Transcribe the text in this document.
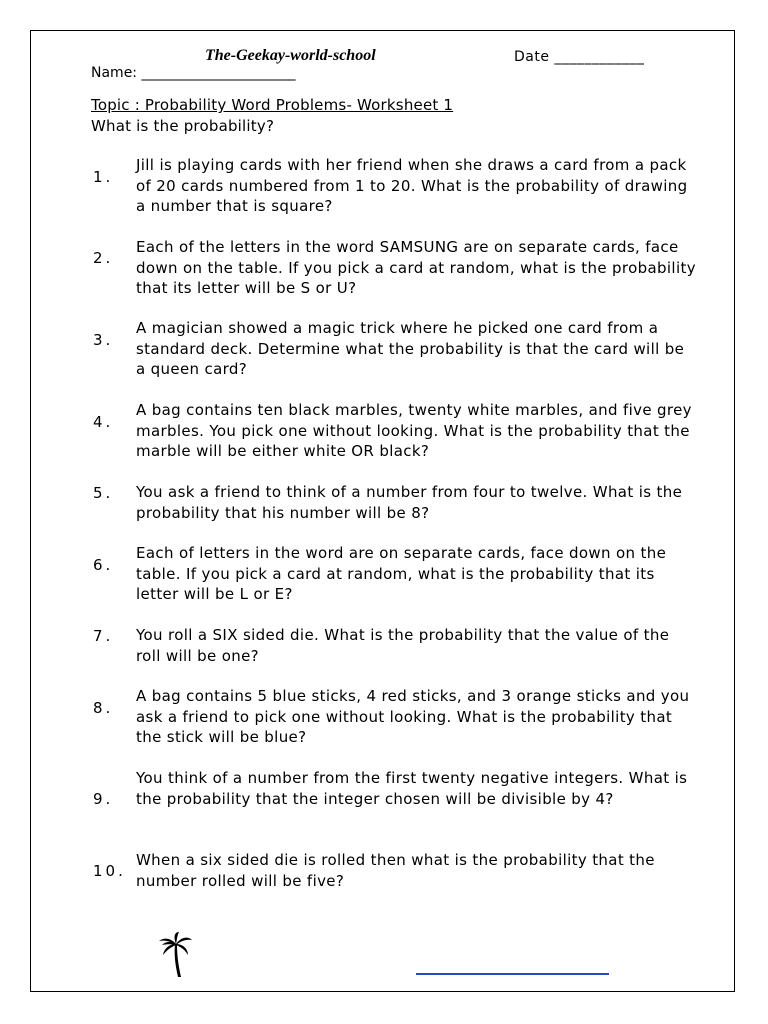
The-Geekay-world-school	Date ____________
Name: ______________________
Topic : Probability Word Problems- Worksheet 1
What is the probability?
1.
Jill is playing cards with her friend when she draws a card from a pack of 20 cards numbered from 1 to 20. What is the probability of drawing a number that is square?
2.
Each of the letters in the word SAMSUNG are on separate cards, face down on the table. If you pick a card at random, what is the probability that its letter will be S or U?
3.
A magician showed a magic trick where he picked one card from a standard deck. Determine what the probability is that the card will be a queen card?
4.
A bag contains ten black marbles, twenty white marbles, and five grey marbles. You pick one without looking. What is the probability that the marble will be either white OR black?
5. You ask a friend to think of a number from four to twelve. What is the probability that his number will be 8?
6.
Each of letters in the word are on separate cards, face down on the table. If you pick a card at random, what is the probability that its letter will be L or E?
7. You roll a SIX sided die. What is the probability that the value of the roll will be one?
8.
A bag contains 5 blue sticks, 4 red sticks, and 3 orange sticks and you ask a friend to pick one without looking. What is the probability that the stick will be blue?
9.
You think of a number from the first twenty negative integers. What is the probability that the integer chosen will be divisible by 4?
10.
When a six sided die is rolled then what is the probability that the number rolled will be five?
